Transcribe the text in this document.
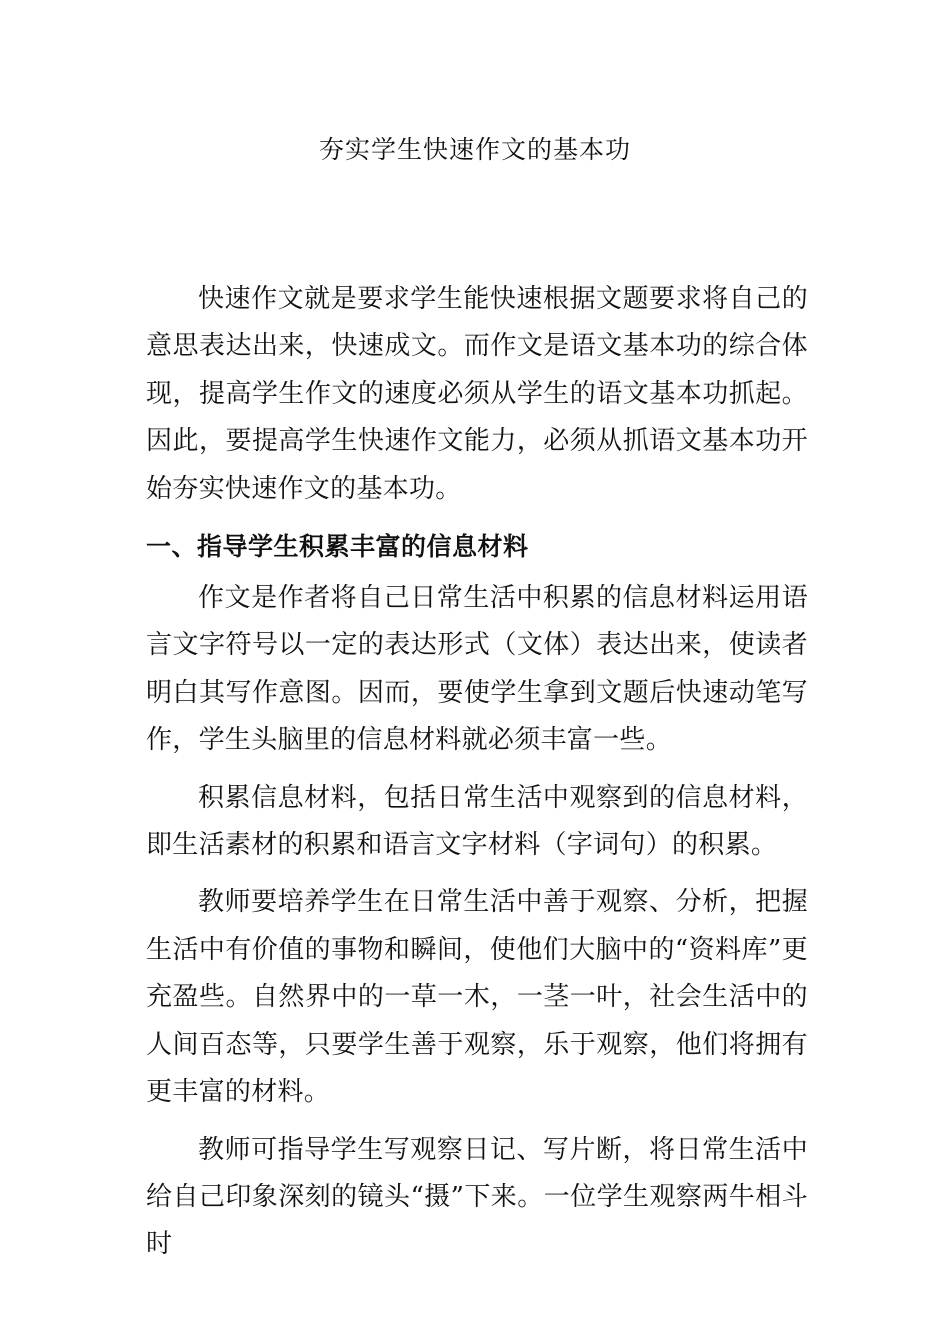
夯实学生快速作文的基本功

快速作文就是要求学生能快速根据文题要求将自己的意思表达出来，快速成文。而作文是语文基本功的综合体现，提高学生作文的速度必须从学生的语文基本功抓起。因此，要提高学生快速作文能力，必须从抓语文基本功开始夯实快速作文的基本功。

一、指导学生积累丰富的信息材料

作文是作者将自己日常生活中积累的信息材料运用语言文字符号以一定的表达形式（文体）表达出来，使读者明白其写作意图。因而，要使学生拿到文题后快速动笔写作，学生头脑里的信息材料就必须丰富一些。

积累信息材料，包括日常生活中观察到的信息材料，即生活素材的积累和语言文字材料（字词句）的积累。

教师要培养学生在日常生活中善于观察、分析，把握生活中有价值的事物和瞬间，使他们大脑中的“资料库”更充盈些。自然界中的一草一木，一茎一叶，社会生活中的人间百态等，只要学生善于观察，乐于观察，他们将拥有更丰富的材料。

教师可指导学生写观察日记、写片断，将日常生活中给自己印象深刻的镜头“摄”下来。一位学生观察两牛相斗时
